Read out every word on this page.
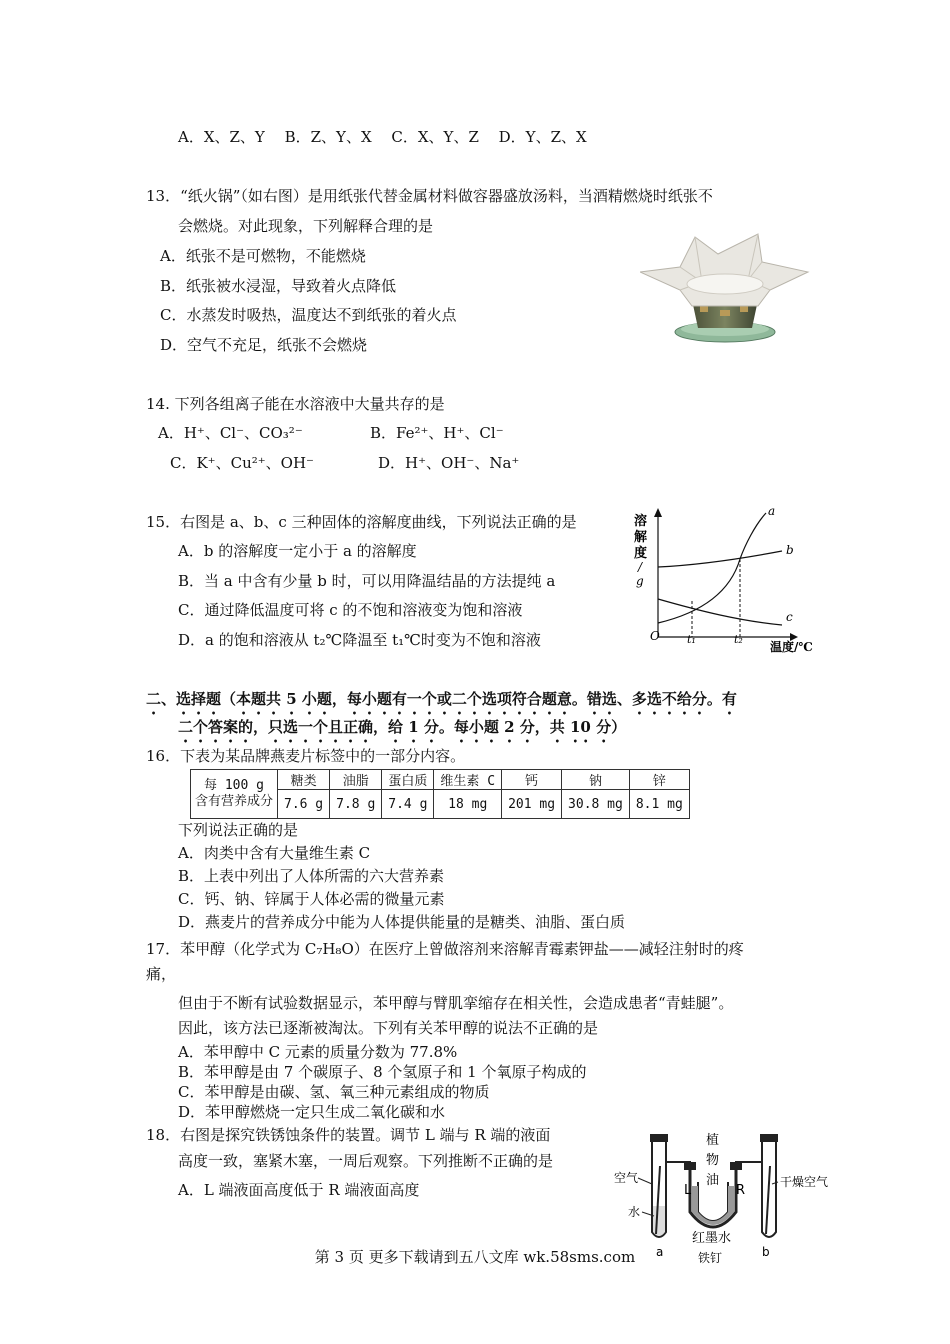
A．X、Z、Y　 B．Z、Y、X　 C．X、Y、Z　 D．Y、Z、X
13．“纸火锅”（如右图）是用纸张代替金属材料做容器盛放汤料，当酒精燃烧时纸张不
会燃烧。对此现象，下列解释合理的是
A．纸张不是可燃物，不能燃烧
B．纸张被水浸湿，导致着火点降低
C．水蒸发时吸热，温度达不到纸张的着火点
D．空气不充足，纸张不会燃烧
14. 下列各组离子能在水溶液中大量共存的是
A．H⁺、Cl⁻、CO₃²⁻	B．Fe²⁺、H⁺、Cl⁻
C．K⁺、Cu²⁺、OH⁻	D．H⁺、OH⁻、Na⁺
15．右图是 a、b、c 三种固体的溶解度曲线，下列说法正确的是
A．b 的溶解度一定小于 a 的溶解度
B．当 a 中含有少量 b 时，可以用降温结晶的方法提纯 a
C．通过降低温度可将 c 的不饱和溶液变为饱和溶液
D．a 的饱和溶液从 t₂℃降温至 t₁℃时变为不饱和溶液
溶
解
度
/
g
a
b
c
O t₁	t₂
温度/℃
二、选择题（本题共 5 小题，每小题有一个或二个选项符合题意。错选、多选不给分。有
二个答案的，只选一个且正确，给 1 分。每小题 2 分，共 10 分）
16．下表为某品牌燕麦片标签中的一部分内容。
每 100 g 含有营养成分	糖类	油脂	蛋白质	维生素 C	钙	钠	锌
	7.6 g	7.8 g	7.4 g	18 mg	201 mg	30.8 mg	8.1 mg
下列说法正确的是
A．肉类中含有大量维生素 C
B．上表中列出了人体所需的六大营养素
C．钙、钠、锌属于人体必需的微量元素
D．燕麦片的营养成分中能为人体提供能量的是糖类、油脂、蛋白质
17．苯甲醇（化学式为 C₇H₈O）在医疗上曾做溶剂来溶解青霉素钾盐——减轻注射时的疼
痛，
但由于不断有试验数据显示，苯甲醇与臂肌挛缩存在相关性，会造成患者“青蛙腿”。
因此，该方法已逐渐被淘汰。下列有关苯甲醇的说法不正确的是
A．苯甲醇中 C 元素的质量分数为 77.8%
B．苯甲醇是由 7 个碳原子、8 个氢原子和 1 个氧原子构成的
C．苯甲醇是由碳、氢、氧三种元素组成的物质
D．苯甲醇燃烧一定只生成二氧化碳和水
18．右图是探究铁锈蚀条件的装置。调节 L 端与 R 端的液面
高度一致，塞紧木塞，一周后观察。下列推断不正确的是
A．L 端液面高度低于 R 端液面高度
植
物
油
L	R
空气	干燥空气
水
红墨水
铁钉
a	b
第 3 页 更多下载请到五八文库 wk.58sms.com
